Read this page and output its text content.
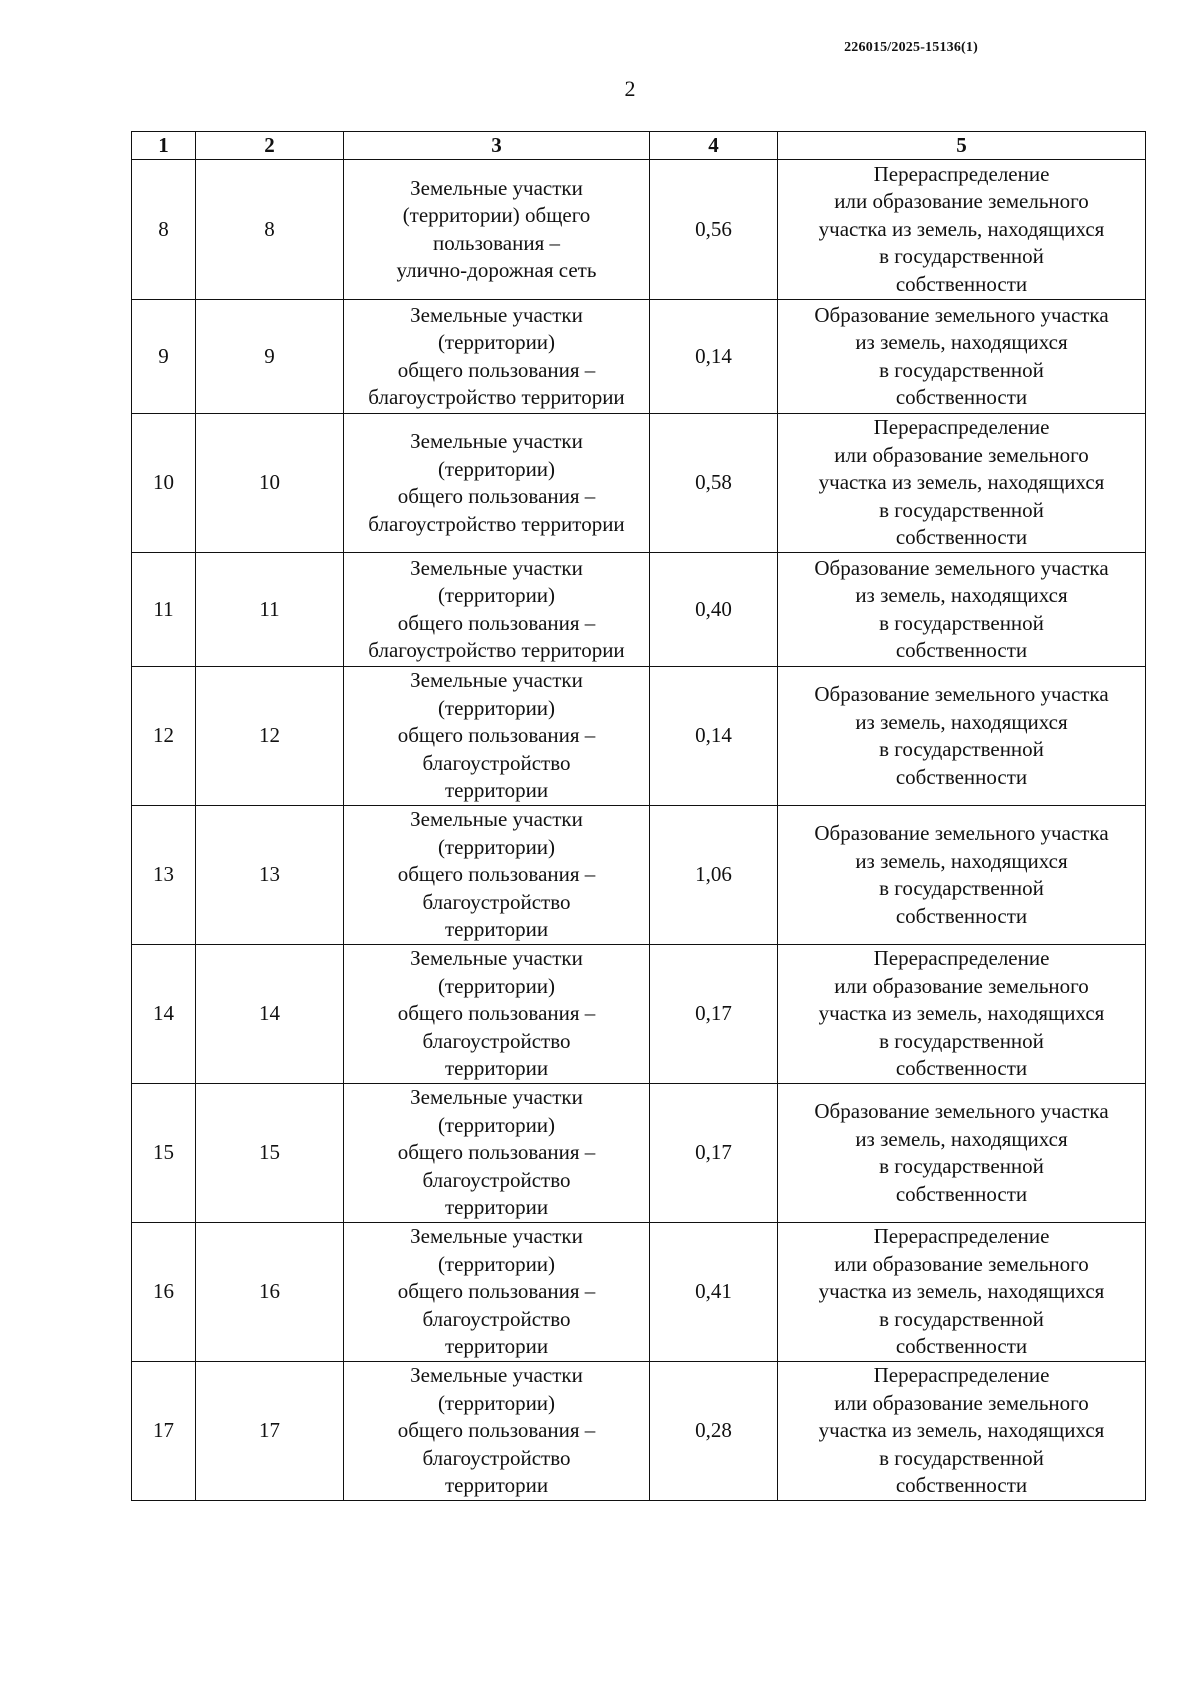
226015/2025-15136(1)
2
1	2	3	4	5
8	8	Земельные участки
(территории) общего
пользования –
улично-дорожная сеть	0,56	Перераспределение
или образование земельного
участка из земель, находящихся
в государственной
собственности
9	9	Земельные участки
(территории)
общего пользования –
благоустройство территории	0,14	Образование земельного участка
из земель, находящихся
в государственной
собственности
10	10	Земельные участки
(территории)
общего пользования –
благоустройство территории	0,58	Перераспределение
или образование земельного
участка из земель, находящихся
в государственной
собственности
11	11	Земельные участки
(территории)
общего пользования –
благоустройство территории	0,40	Образование земельного участка
из земель, находящихся
в государственной
собственности
12	12	Земельные участки
(территории)
общего пользования –
благоустройство
территории	0,14	Образование земельного участка
из земель, находящихся
в государственной
собственности
13	13	Земельные участки
(территории)
общего пользования –
благоустройство
территории	1,06	Образование земельного участка
из земель, находящихся
в государственной
собственности
14	14	Земельные участки
(территории)
общего пользования –
благоустройство
территории	0,17	Перераспределение
или образование земельного
участка из земель, находящихся
в государственной
собственности
15	15	Земельные участки
(территории)
общего пользования –
благоустройство
территории	0,17	Образование земельного участка
из земель, находящихся
в государственной
собственности
16	16	Земельные участки
(территории)
общего пользования –
благоустройство
территории	0,41	Перераспределение
или образование земельного
участка из земель, находящихся
в государственной
собственности
17	17	Земельные участки
(территории)
общего пользования –
благоустройство
территории	0,28	Перераспределение
или образование земельного
участка из земель, находящихся
в государственной
собственности
